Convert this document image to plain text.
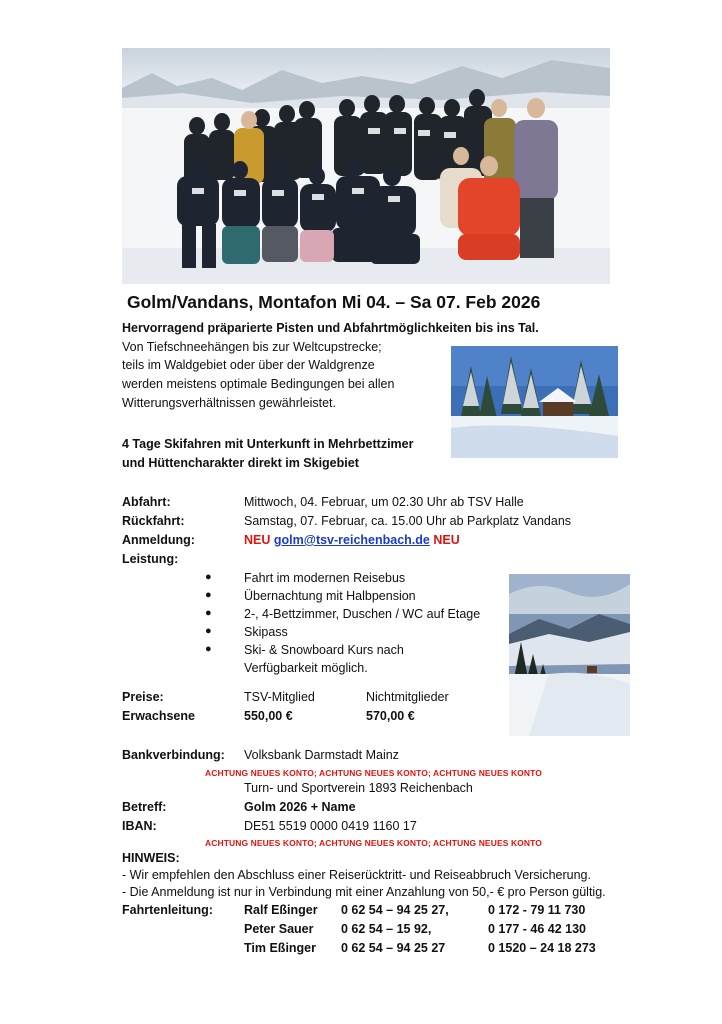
Golm/Vandans, Montafon Mi 04. – Sa 07. Feb 2026
Hervorragend präparierte Pisten und Abfahrtmöglichkeiten bis ins Tal.
Von Tiefschneehängen bis zur Weltcupstrecke;
teils im Waldgebiet oder über der Waldgrenze
werden meistens optimale Bedingungen bei allen
Witterungsverhältnissen gewährleistet.
4 Tage Skifahren mit Unterkunft in Mehrbettzimer
und Hüttencharakter direkt im Skigebiet
Abfahrt:	Mittwoch, 04. Februar, um 02.30 Uhr ab TSV Halle
Rückfahrt:	Samstag, 07. Februar, ca. 15.00 Uhr ab Parkplatz Vandans
Anmeldung:	NEU golm@tsv-reichenbach.de NEU
Leistung:
●	Fahrt im modernen Reisebus
●	Übernachtung mit Halbpension
●	2-, 4-Bettzimmer, Duschen / WC auf Etage
●	Skipass
●	Ski- & Snowboard Kurs nach
Verfügbarkeit möglich.
Preise:	TSV-Mitglied	Nichtmitglieder
Erwachsene	550,00 €	570,00 €
Bankverbindung: Volksbank Darmstadt Mainz
ACHTUNG NEUES KONTO; ACHTUNG NEUES KONTO; ACHTUNG NEUES KONTO
Turn- und Sportverein 1893 Reichenbach
Betreff:	Golm 2026 + Name
IBAN:	DE51 5519 0000 0419 1160 17
ACHTUNG NEUES KONTO; ACHTUNG NEUES KONTO; ACHTUNG NEUES KONTO
HINWEIS:
- Wir empfehlen den Abschluss einer Reiserücktritt- und Reiseabbruch Versicherung.
- Die Anmeldung ist nur in Verbindung mit einer Anzahlung von 50,- € pro Person gültig.
Fahrtenleitung: Ralf Eßinger 0 62 54 – 94 25 27,	0 172 - 79 11 730
Peter Sauer 0 62 54 – 15 92,	0 177 - 46 42 130
Tim Eßinger 0 62 54 – 94 25 27	0 1520 – 24 18 273
